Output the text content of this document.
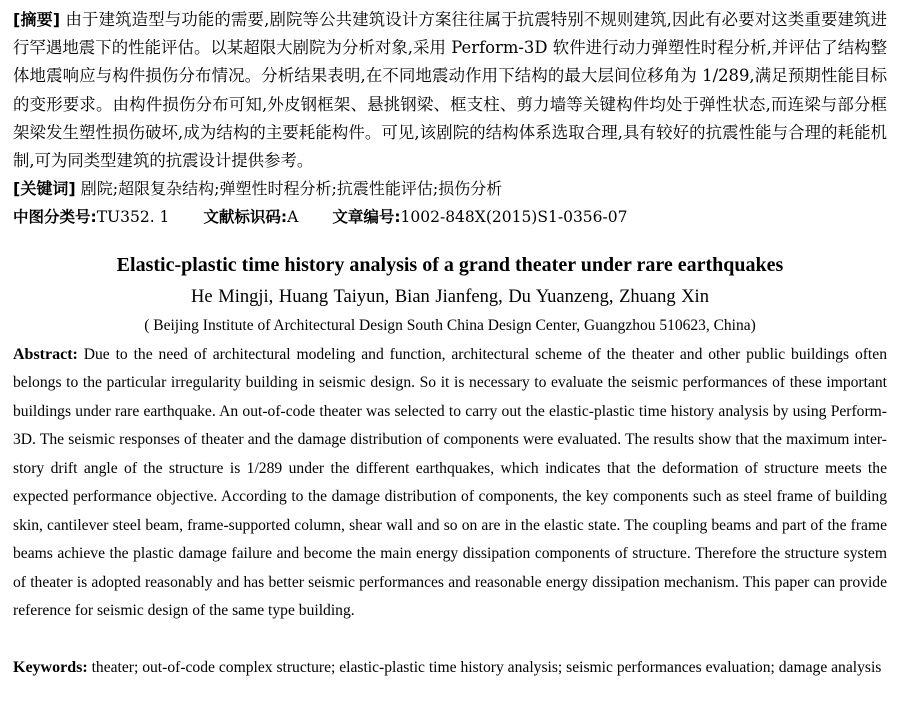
[摘要] 由于建筑造型与功能的需要,剧院等公共建筑设计方案往往属于抗震特别不规则建筑,因此有必要对这类重要建筑进行罕遇地震下的性能评估。以某超限大剧院为分析对象,采用 Perform-3D 软件进行动力弹塑性时程分析,并评估了结构整体地震响应与构件损伤分布情况。分析结果表明,在不同地震动作用下结构的最大层间位移角为 1/289,满足预期性能目标的变形要求。由构件损伤分布可知,外皮钢框架、悬挑钢梁、框支柱、剪力墙等关键构件均处于弹性状态,而连梁与部分框架梁发生塑性损伤破坏,成为结构的主要耗能构件。可见,该剧院的结构体系选取合理,具有较好的抗震性能与合理的耗能机制,可为同类型建筑的抗震设计提供参考。
[关键词] 剧院;超限复杂结构;弹塑性时程分析;抗震性能评估;损伤分析
中图分类号:TU352. 1 文献标识码:A 文章编号:1002-848X(2015)S1-0356-07
Elastic-plastic time history analysis of a grand theater under rare earthquakes
He Mingji, Huang Taiyun, Bian Jianfeng, Du Yuanzeng, Zhuang Xin
( Beijing Institute of Architectural Design South China Design Center, Guangzhou 510623, China)
Abstract: Due to the need of architectural modeling and function, architectural scheme of the theater and other public buildings often belongs to the particular irregularity building in seismic design. So it is necessary to evaluate the seismic performances of these important buildings under rare earthquake. An out-of-code theater was selected to carry out the elastic-plastic time history analysis by using Perform-3D. The seismic responses of theater and the damage distribution of components were evaluated. The results show that the maximum inter-story drift angle of the structure is 1/289 under the different earthquakes, which indicates that the deformation of structure meets the expected performance objective. According to the damage distribution of components, the key components such as steel frame of building skin, cantilever steel beam, frame-supported column, shear wall and so on are in the elastic state. The coupling beams and part of the frame beams achieve the plastic damage failure and become the main energy dissipation components of structure. Therefore the structure system of theater is adopted reasonably and has better seismic performances and reasonable energy dissipation mechanism. This paper can provide reference for seismic design of the same type building.
Keywords: theater; out-of-code complex structure; elastic-plastic time history analysis; seismic performances evaluation; damage analysis
